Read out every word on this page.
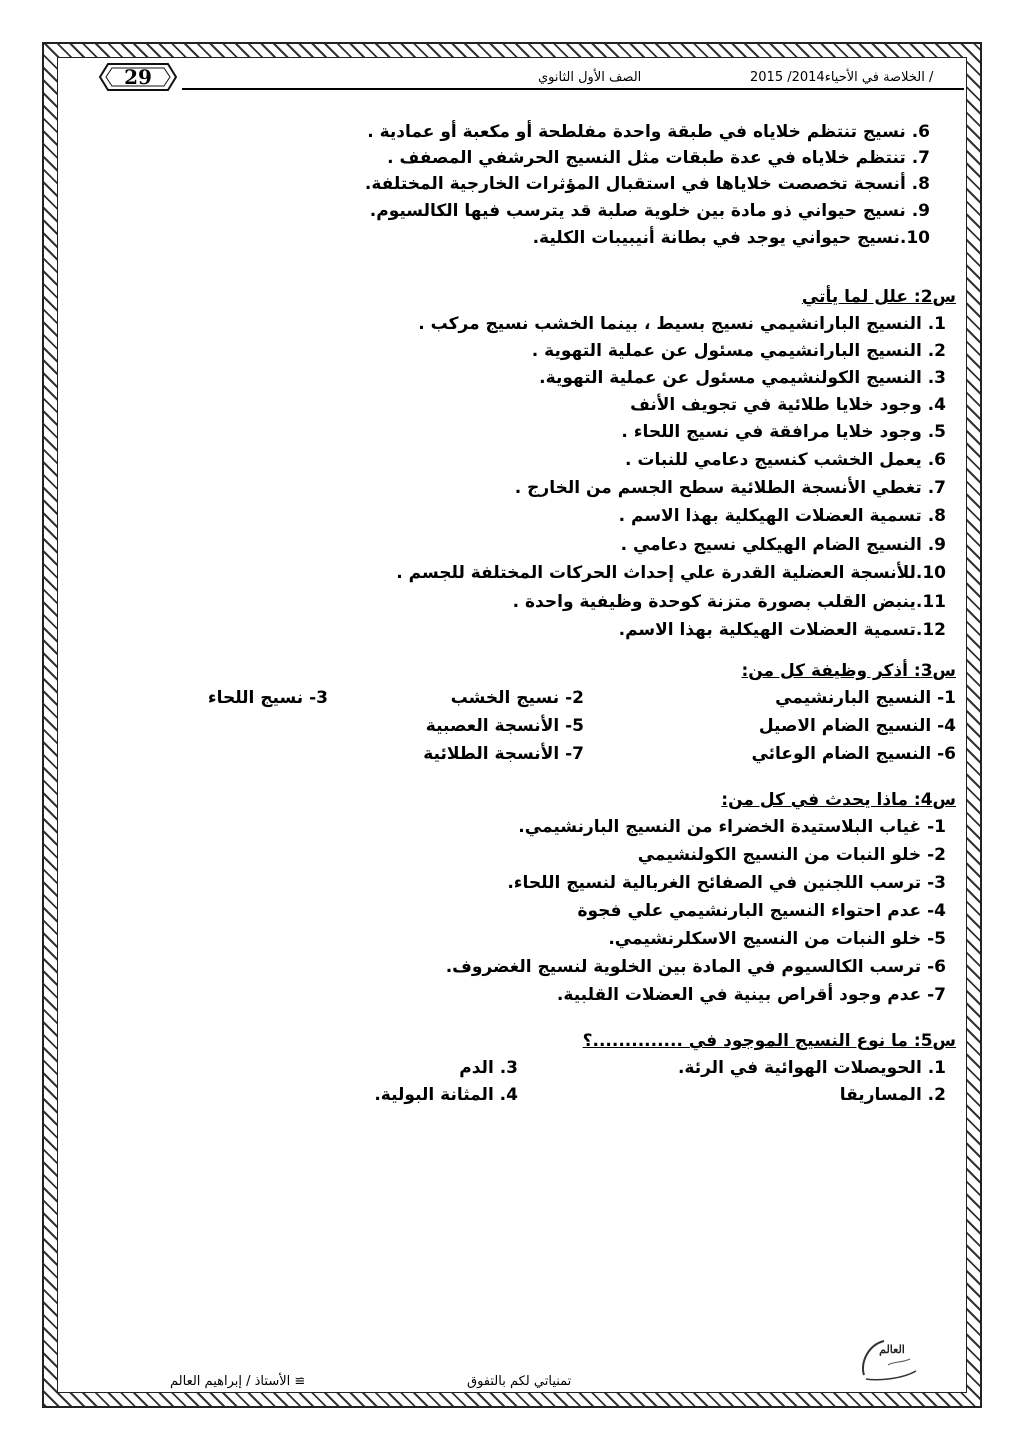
29	الصف الأول الثانوي	/ الخلاصة في الأحياء2014/ 2015
6. نسيج تنتظم خلاياه في طبقة واحدة مفلطحة أو مكعبة أو عمادية .
7. تنتظم خلاياه في عدة طبقات مثل النسيج الحرشفي المصفف .
8. أنسجة تخصصت خلاياها في استقبال المؤثرات الخارجية المختلفة.
9. نسيج حيواني ذو مادة بين خلوية صلبة قد يترسب فيها الكالسيوم.
10.نسيج حيواني يوجد في بطانة أنيبيبات الكلية.
س2: علل لما يأتي
1. النسيج البارانشيمي نسيج بسيط ، بينما الخشب نسيج مركب .
2. النسيج البارانشيمي مسئول عن عملية التهوية .
3. النسيج الكولنشيمي مسئول عن عملية التهوية.
4. وجود خلايا طلائية في تجويف الأنف
5. وجود خلايا مرافقة في نسيج اللحاء .
6. يعمل الخشب كنسيج دعامي للنبات .
7. تغطي الأنسجة الطلائية سطح الجسم من الخارج .
8. تسمية العضلات الهيكلية بهذا الاسم .
9. النسيج الضام الهيكلي نسيج دعامي .
10.للأنسجة العضلية القدرة علي إحداث الحركات المختلفة للجسم .
11.ينبض القلب بصورة متزنة كوحدة وظيفية واحدة .
12.تسمية العضلات الهيكلية بهذا الاسم.
س3: أذكر وظيفة كل من:
1- النسيج البارنشيمي
2- نسيج الخشب
3- نسيج اللحاء
4- النسيج الضام الاصيل
5- الأنسجة العصبية
6- النسيج الضام الوعائي
7- الأنسجة الطلائية
س4: ماذا يحدث في كل من:
1- غياب البلاستيدة الخضراء من النسيج البارنشيمي.
2- خلو النبات من النسيج الكولنشيمي
3- ترسب اللجنين في الصفائح الغربالية لنسيج اللحاء.
4- عدم احتواء النسيج البارنشيمي علي فجوة
5- خلو النبات من النسيج الاسكلرنشيمي.
6- ترسب الكالسيوم في المادة بين الخلوية لنسيج الغضروف.
7- عدم وجود أقراص بينية في العضلات القلبية.
س5: ما نوع النسيج الموجود في ..............؟
1. الحويصلات الهوائية في الرئة.
3. الدم
2. المساريقا
4. المثانة البولية.
العالم
تمنياتي لكم بالتفوق
≅ الأستاذ / إبراهيم العالم
